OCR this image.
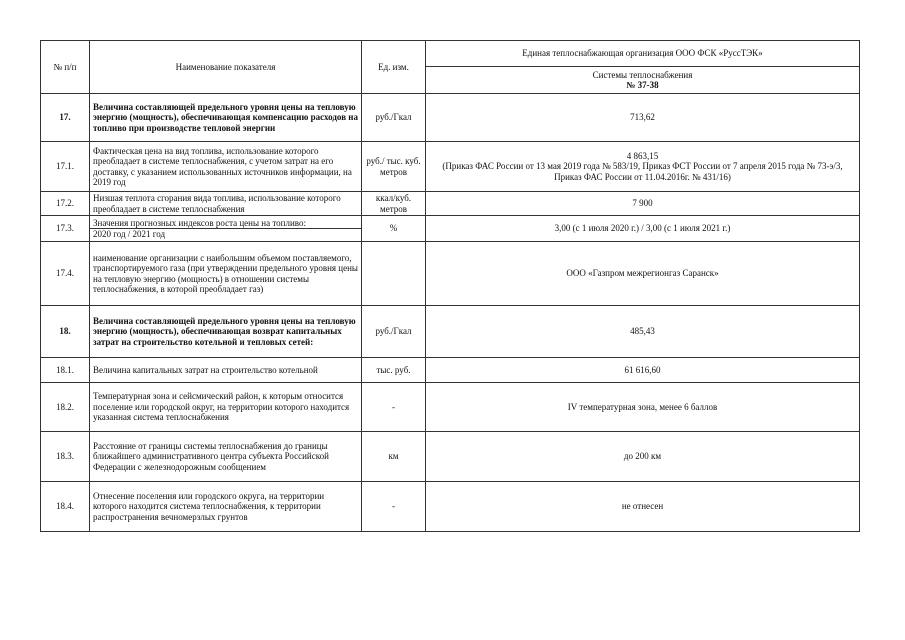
№ п/п	Наименование показателя	Ед. изм.	Единая теплоснабжающая организация ООО ФСК «РуссТЭК»

			Системы теплоснабжения
№ 37-38

17.	Величина составляющей предельного уровня цены на тепловую энергию (мощность), обеспечивающая компенсацию расходов на топливо при производстве тепловой энергии	руб./Гкал	713,62
17.1.	Фактическая цена на вид топлива, использование которого преобладает в системе теплоснабжения, с учетом затрат на его доставку, с указанием использованных источников информации, на 2019 год	руб./ тыс. куб. метров	4 863,15
(Приказ ФАС России от 13 мая 2019 года № 583/19, Приказ ФСТ России от 7 апреля 2015 года № 73-э/3, Приказ ФАС России от 11.04.2016г. № 431/16)

17.2.	Низшая теплота сгорания вида топлива, использование которого преобладает в системе теплоснабжения	ккал/куб. метров	7 900
17.3.	Значения прогнозных индексов роста цены на топливо:
2020 год / 2021 год	%	3,00 (с 1 июля 2020 г.) / 3,00 (с 1 июля 2021 г.)
17.4.	наименование организации с наибольшим объемом поставляемого, транспортируемого газа (при утверждении предельного уровня цены на тепловую энергию (мощность) в отношении системы теплоснабжения, в которой преобладает газ)		ООО «Газпром межрегионгаз Саранск»
18.	Величина составляющей предельного уровня цены на тепловую энергию (мощность), обеспечивающая возврат капитальных затрат на строительство котельной и тепловых сетей:	руб./Гкал	485,43
18.1.	Величина капитальных затрат на строительство котельной	тыс. руб.	61 616,60
18.2.	Температурная зона и сейсмический район, к которым относится поселение или городской округ, на территории которого находится указанная система теплоснабжения	-	IV температурная зона, менее 6 баллов
18.3.	Расстояние от границы системы теплоснабжения до границы ближайшего административного центра субъекта Российской Федерации с железнодорожным сообщением	км	до 200 км
18.4.	Отнесение поселения или городского округа, на территории которого находится система теплоснабжения, к территории распространения вечномерзлых грунтов	-	не отнесен
